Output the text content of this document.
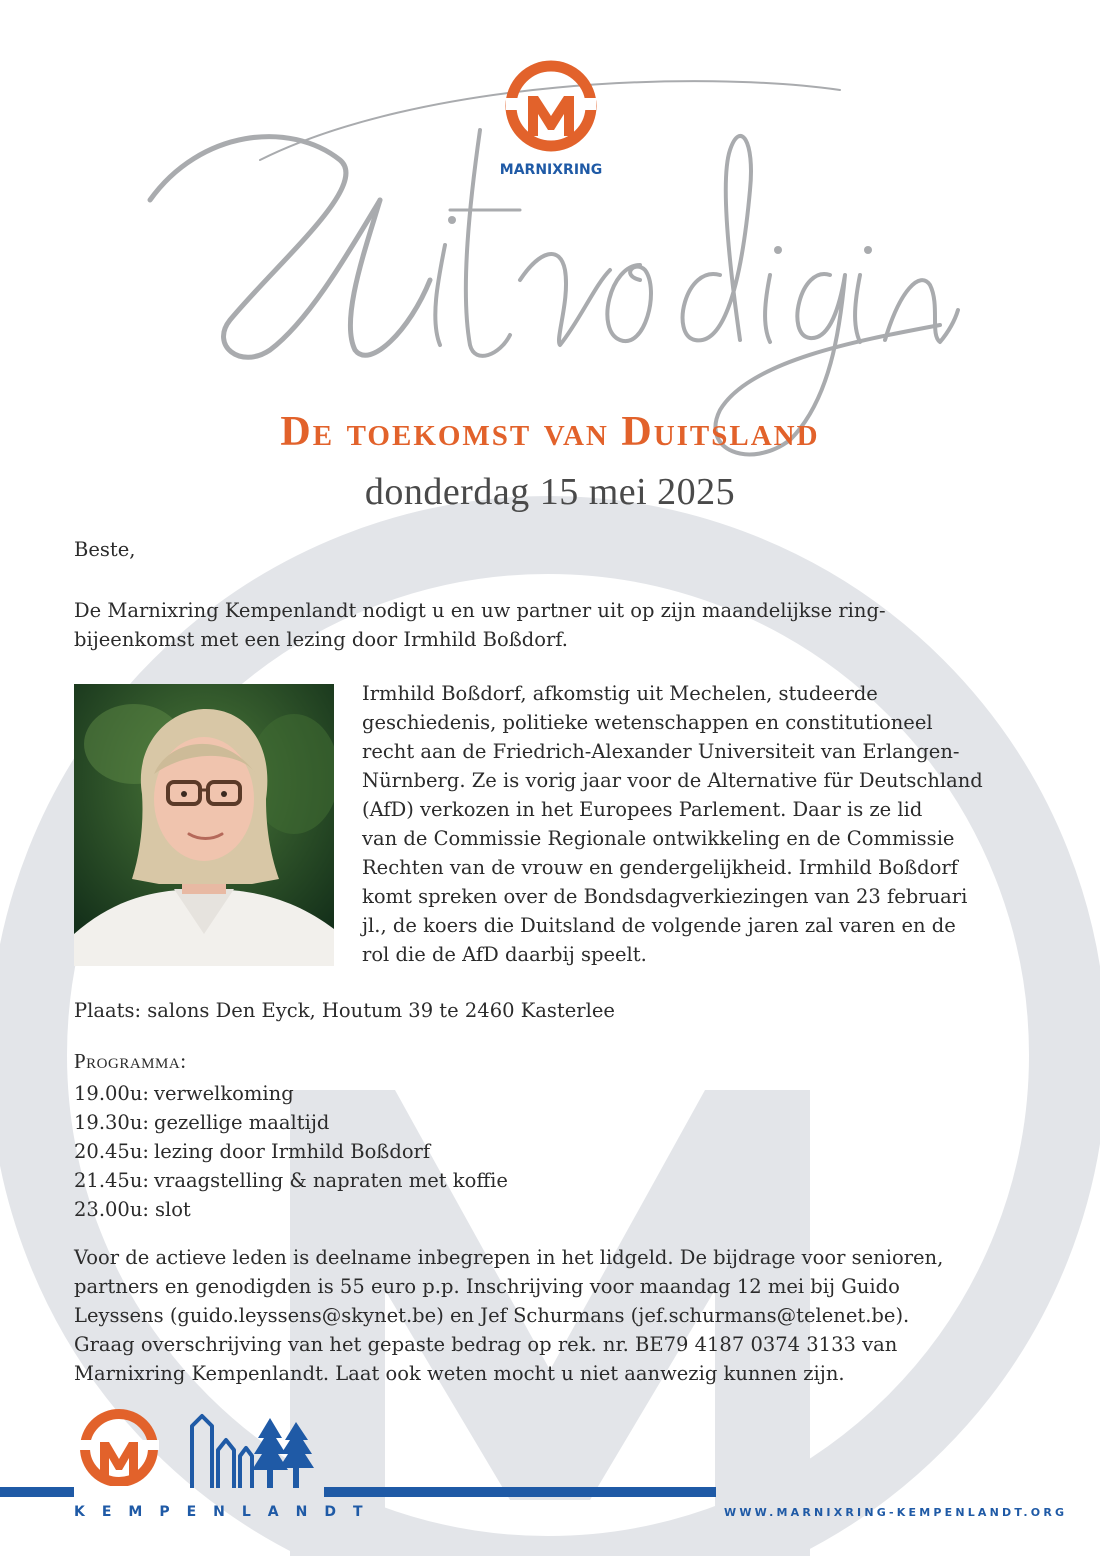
MARNIXRING
De toekomst van Duitsland
donderdag 15 mei 2025
Beste,
De Marnixring Kempenlandt nodigt u en uw partner uit op zijn maandelijkse ring-
bijeenkomst met een lezing door Irmhild Boßdorf.
Irmhild Boßdorf, afkomstig uit Mechelen, studeerde
geschiedenis, politieke wetenschappen en constitutioneel
recht aan de Friedrich-Alexander Universiteit van Erlangen-
Nürnberg. Ze is vorig jaar voor de Alternative für Deutschland
(AfD) verkozen in het Europees Parlement. Daar is ze lid
van de Commissie Regionale ontwikkeling en de Commissie
Rechten van de vrouw en gendergelijkheid. Irmhild Boßdorf
komt spreken over de Bondsdagverkiezingen van 23 februari
jl., de koers die Duitsland de volgende jaren zal varen en de
rol die de AfD daarbij speelt.
Plaats: salons Den Eyck, Houtum 39 te 2460 Kasterlee
Programma:
19.00u: verwelkoming
19.30u: gezellige maaltijd
20.45u: lezing door Irmhild Boßdorf
21.45u: vraagstelling & napraten met koffie
23.00u: slot
Voor de actieve leden is deelname inbegrepen in het lidgeld. De bijdrage voor senioren,
partners en genodigden is 55 euro p.p. Inschrijving voor maandag 12 mei bij Guido
Leyssens (guido.leyssens@skynet.be) en Jef Schurmans (jef.schurmans@telenet.be).
Graag overschrijving van het gepaste bedrag op rek. nr. BE79 4187 0374 3133 van
Marnixring Kempenlandt. Laat ook weten mocht u niet aanwezig kunnen zijn.
KEMPENLANDT	WWW.MARNIXRING-KEMPENLANDT.ORG
